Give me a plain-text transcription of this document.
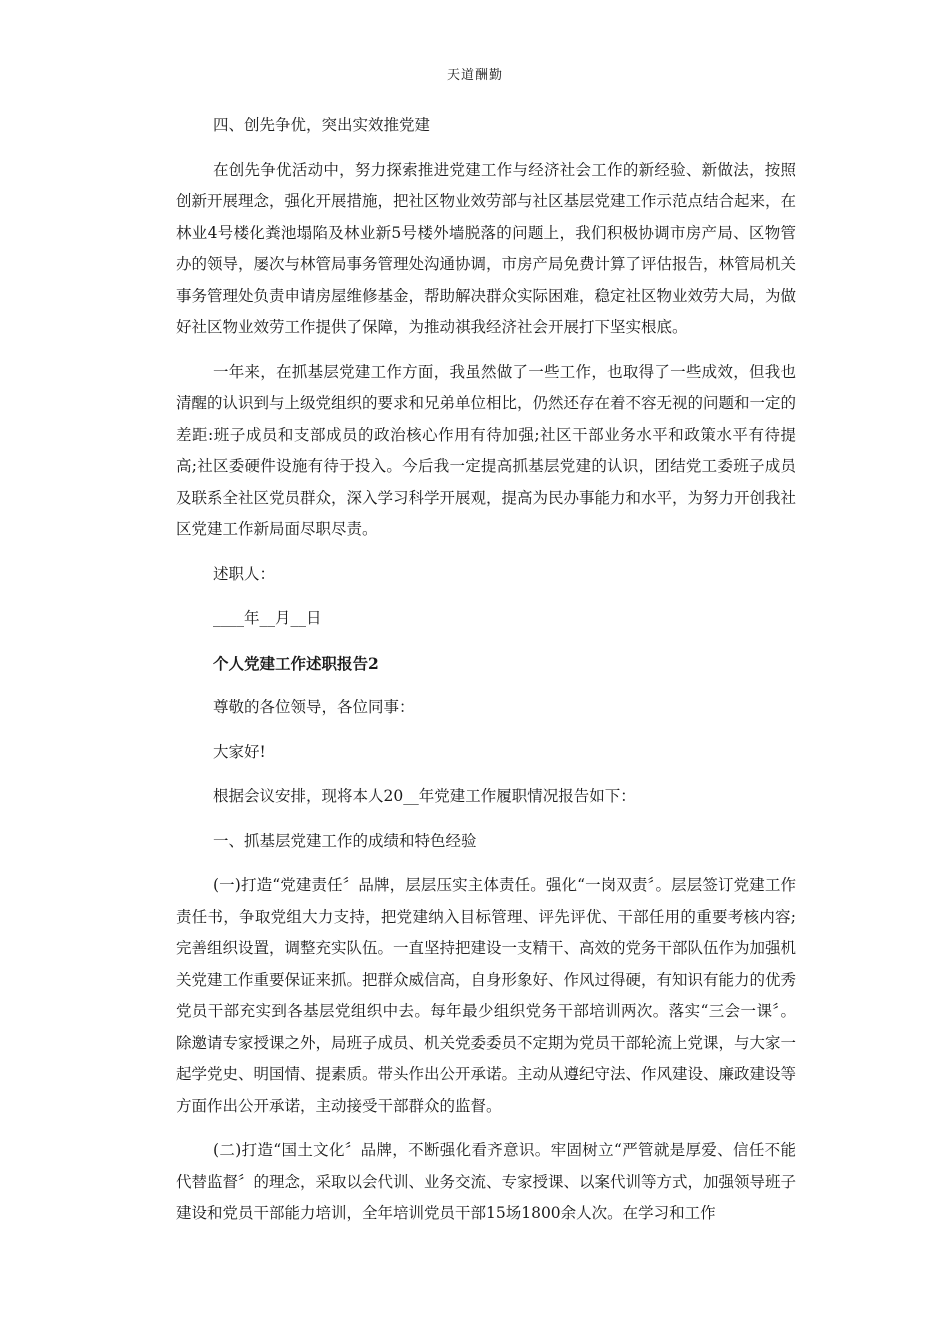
天道酬勤

四、创先争优，突出实效推党建

在创先争优活动中，努力探索推进党建工作与经济社会工作的新经验、新做法，按照创新开展理念，强化开展措施，把社区物业效劳部与社区基层党建工作示范点结合起来，在林业4号楼化粪池塌陷及林业新5号楼外墙脱落的问题上，我们积极协调市房产局、区物管办的领导，屡次与林管局事务管理处沟通协调，市房产局免费计算了评估报告，林管局机关事务管理处负责申请房屋维修基金，帮助解决群众实际困难，稳定社区物业效劳大局，为做好社区物业效劳工作提供了保障，为推动祺我经济社会开展打下坚实根底。

一年来，在抓基层党建工作方面，我虽然做了一些工作，也取得了一些成效，但我也清醒的认识到与上级党组织的要求和兄弟单位相比，仍然还存在着不容无视的问题和一定的差距:班子成员和支部成员的政治核心作用有待加强;社区干部业务水平和政策水平有待提高;社区委硬件设施有待于投入。今后我一定提高抓基层党建的认识，团结党工委班子成员及联系全社区党员群众，深入学习科学开展观，提高为民办事能力和水平，为努力开创我社区党建工作新局面尽职尽责。

述职人：

____年__月__日

个人党建工作述职报告2

尊敬的各位领导，各位同事：

大家好!

根据会议安排，现将本人20__年党建工作履职情况报告如下：

一、抓基层党建工作的成绩和特色经验

(一)打造“党建责任〞品牌，层层压实主体责任。强化“一岗双责〞。层层签订党建工作责任书，争取党组大力支持，把党建纳入目标管理、评先评优、干部任用的重要考核内容;完善组织设置，调整充实队伍。一直坚持把建设一支精干、高效的党务干部队伍作为加强机关党建工作重要保证来抓。把群众威信高，自身形象好、作风过得硬，有知识有能力的优秀党员干部充实到各基层党组织中去。每年最少组织党务干部培训两次。落实“三会一课〞。除邀请专家授课之外，局班子成员、机关党委委员不定期为党员干部轮流上党课，与大家一起学党史、明国情、提素质。带头作出公开承诺。主动从遵纪守法、作风建设、廉政建设等方面作出公开承诺，主动接受干部群众的监督。

(二)打造“国土文化〞品牌，不断强化看齐意识。牢固树立“严管就是厚爱、信任不能代替监督〞的理念，采取以会代训、业务交流、专家授课、以案代训等方式，加强领导班子建设和党员干部能力培训，全年培训党员干部15场1800余人次。在学习和工作
